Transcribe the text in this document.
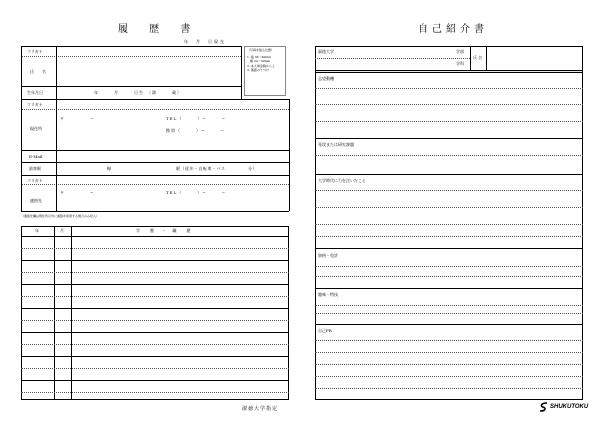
履 歴 書
年　月　日現在
（写真を貼る位置）
1. 縦 36〜40mm
　横 24〜30mm
2. 本人単身胸から上
3. 裏面のりづけ
フリガナ
氏　名
生年月日	年　　　月　　　日生　（満　　　歳）
フリガナ
現住所
〒	−	TEL（　　　）−　　　−
携帯（　　　）−　　　−
E-Mail
最寄駅	線	駅（徒歩・自転車・バス　　　　　分）
フリガナ
連絡先
〒	−	TEL（　　　）−　　　−
（連絡先欄は現住所以外に連絡を希望する場合のみ記入）
年	月	学　歴 ・ 職　歴
淑徳大学指定
自己紹介書
淑徳大学	学部
学科
氏 名
志望動機
専攻または研究課題
大学時代に力を注いだこと
資格・免許
趣味・特技
自己PR
SHUKUTOKU
